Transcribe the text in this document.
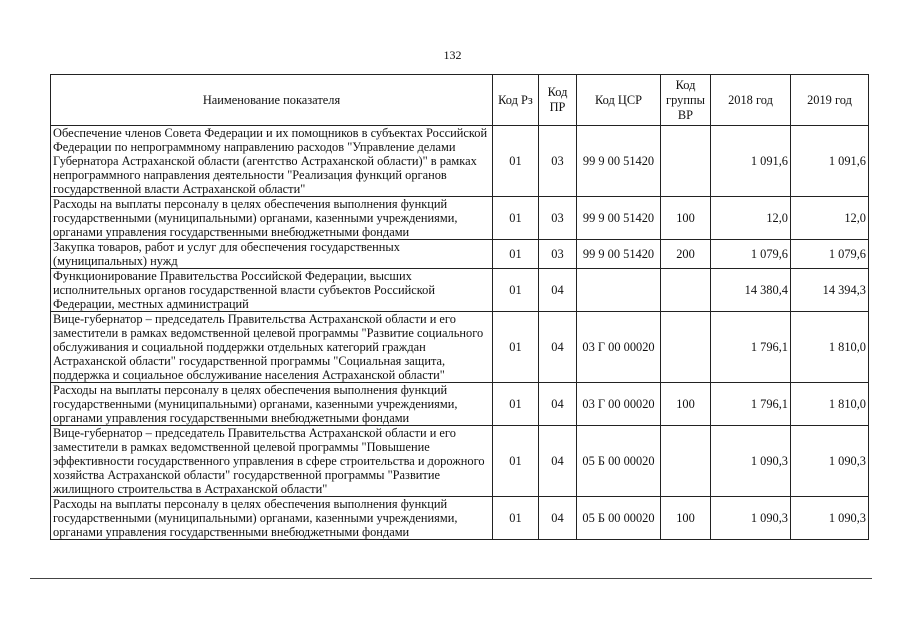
132
Наименование показателя	Код Рз	Код ПР	Код ЦСР	Код группы ВР	2018 год	2019 год
Обеспечение членов Совета Федерации и их помощников в субъектах Российской Федерации по непрограммному направлению расходов "Управление делами Губернатора Астраханской области (агентство Астраханской области)" в рамках непрограммного направления деятельности "Реализация функций органов государственной власти Астраханской области"	01	03	99 9 00 51420		1 091,6	1 091,6
Расходы на выплаты персоналу в целях обеспечения выполнения функций государственными (муниципальными) органами, казенными учреждениями, органами управления государственными внебюджетными фондами	01	03	99 9 00 51420	100	12,0	12,0
Закупка товаров, работ и услуг для обеспечения государственных (муниципальных) нужд	01	03	99 9 00 51420	200	1 079,6	1 079,6
Функционирование Правительства Российской Федерации, высших исполнительных органов государственной власти субъектов Российской Федерации, местных администраций	01	04			14 380,4	14 394,3
Вице-губернатор – председатель Правительства Астраханской области и его заместители в рамках ведомственной целевой программы "Развитие социального обслуживания и социальной поддержки отдельных категорий граждан Астраханской области" государственной программы "Социальная защита, поддержка и социальное обслуживание населения Астраханской области"	01	04	03 Г 00 00020		1 796,1	1 810,0
Расходы на выплаты персоналу в целях обеспечения выполнения функций государственными (муниципальными) органами, казенными учреждениями, органами управления государственными внебюджетными фондами	01	04	03 Г 00 00020	100	1 796,1	1 810,0
Вице-губернатор – председатель Правительства Астраханской области и его заместители в рамках ведомственной целевой программы "Повышение эффективности государственного управления в сфере строительства и дорожного хозяйства Астраханской области" государственной программы "Развитие жилищного строительства в Астраханской области"	01	04	05 Б 00 00020		1 090,3	1 090,3
Расходы на выплаты персоналу в целях обеспечения выполнения функций государственными (муниципальными) органами, казенными учреждениями, органами управления государственными внебюджетными фондами	01	04	05 Б 00 00020	100	1 090,3	1 090,3
